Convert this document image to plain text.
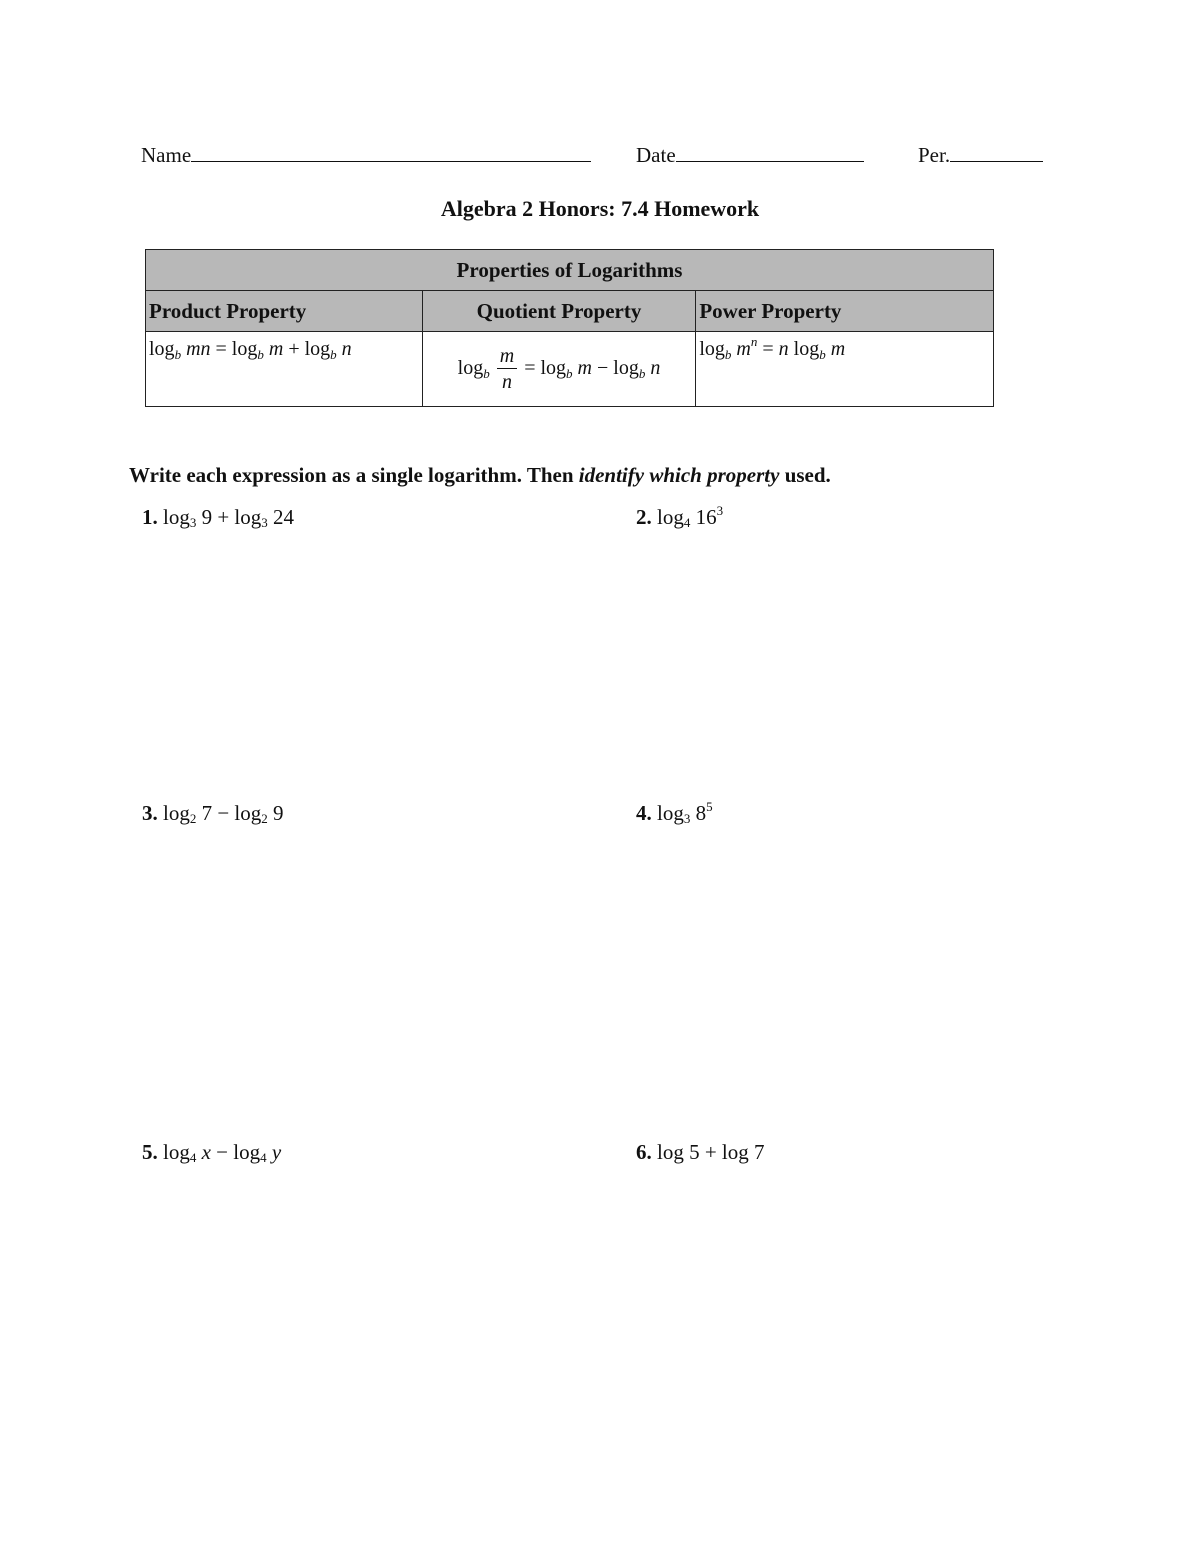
Name	Date	Per.
Algebra 2 Honors: 7.4 Homework
Properties of Logarithms		
Product Property	Quotient Property	Power Property
$\log_b$ mn = $\log_b m + \log_b n$	$\log_b \frac{m}{n} = \log_b m - \log_b n$	$\log_b m^n = n$ $\log_b m$
Write each expression as a single logarithm. Then identify which property used.
1. $\log_3 9 + \log_3 24$	2. $\log_4 16^3$
3. $\log_2 7 - \log_2 9$	4. $\log_3 8^5$
5. $\log_4 x - \log_4 y$	6. log 5 + log 7
